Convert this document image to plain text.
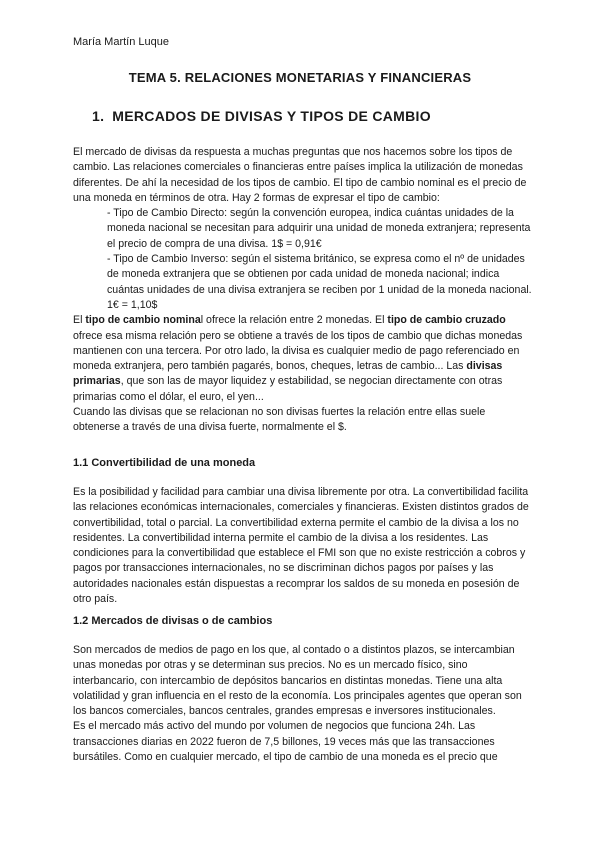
María Martín Luque
TEMA 5. RELACIONES MONETARIAS Y FINANCIERAS
1. MERCADOS DE DIVISAS Y TIPOS DE CAMBIO

El mercado de divisas da respuesta a muchas preguntas que nos hacemos sobre los tipos de cambio. Las relaciones comerciales o financieras entre países implica la utilización de monedas diferentes. De ahí la necesidad de los tipos de cambio. El tipo de cambio nominal es el precio de una moneda en términos de otra. Hay 2 formas de expresar el tipo de cambio:

- Tipo de Cambio Directo: según la convención europea, indica cuántas unidades de la moneda nacional se necesitan para adquirir una unidad de moneda extranjera; representa el precio de compra de una divisa. 1$ = 0,91€

- Tipo de Cambio Inverso: según el sistema británico, se expresa como el nº de unidades de moneda extranjera que se obtienen por cada unidad de moneda nacional; indica cuántas unidades de una divisa extranjera se reciben por 1 unidad de la moneda nacional. 1€ = 1,10$

El tipo de cambio nominal ofrece la relación entre 2 monedas. El tipo de cambio cruzado ofrece esa misma relación pero se obtiene a través de los tipos de cambio que dichas monedas mantienen con una tercera. Por otro lado, la divisa es cualquier medio de pago referenciado en moneda extranjera, pero también pagarés, bonos, cheques, letras de cambio... Las divisas primarias, que son las de mayor liquidez y estabilidad, se negocian directamente con otras primarias como el dólar, el euro, el yen...

Cuando las divisas que se relacionan no son divisas fuertes la relación entre ellas suele obtenerse a través de una divisa fuerte, normalmente el $.

1.1 Convertibilidad de una moneda

Es la posibilidad y facilidad para cambiar una divisa libremente por otra. La convertibilidad facilita las relaciones económicas internacionales, comerciales y financieras. Existen distintos grados de convertibilidad, total o parcial. La convertibilidad externa permite el cambio de la divisa a los no residentes. La convertibilidad interna permite el cambio de la divisa a los residentes. Las condiciones para la convertibilidad que establece el FMI son que no existe restricción a cobros y pagos por transacciones internacionales, no se discriminan dichos pagos por países y las autoridades nacionales están dispuestas a recomprar los saldos de su moneda en posesión de otro país.

1.2 Mercados de divisas o de cambios

Son mercados de medios de pago en los que, al contado o a distintos plazos, se intercambian unas monedas por otras y se determinan sus precios. No es un mercado físico, sino interbancario, con intercambio de depósitos bancarios en distintas monedas. Tiene una alta volatilidad y gran influencia en el resto de la economía. Los principales agentes que operan son los bancos comerciales, bancos centrales, grandes empresas e inversores institucionales.

Es el mercado más activo del mundo por volumen de negocios que funciona 24h. Las transacciones diarias en 2022 fueron de 7,5 billones, 19 veces más que las transacciones bursátiles. Como en cualquier mercado, el tipo de cambio de una moneda es el precio que
